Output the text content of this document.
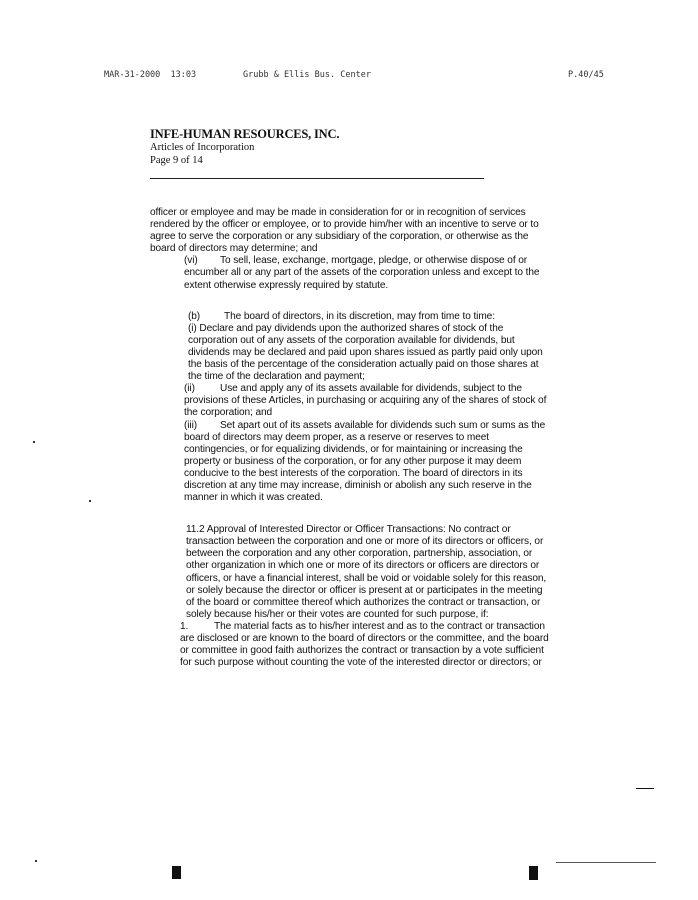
MAR-31-2000  13:03	Grubb & Ellis Bus. Center	P.40/45
INFE-HUMAN RESOURCES, INC.
Articles of Incorporation
Page 9 of 14

officer or employee and may be made in consideration for or in recognition of services rendered by the officer or employee, or to provide him/her with an incentive to serve or to agree to serve the corporation or any subsidiary of the corporation, or otherwise as the board of directors may determine; and

(vi) To sell, lease, exchange, mortgage, pledge, or otherwise dispose of or encumber all or any part of the assets of the corporation unless and except to the extent otherwise expressly required by statute.

(b) The board of directors, in its discretion, may from time to time:

(i) Declare and pay dividends upon the authorized shares of stock of the corporation out of any assets of the corporation available for dividends, but dividends may be declared and paid upon shares issued as partly paid only upon the basis of the percentage of the consideration actually paid on those shares at the time of the declaration and payment;

(ii) Use and apply any of its assets available for dividends, subject to the provisions of these Articles, in purchasing or acquiring any of the shares of stock of the corporation; and

(iii) Set apart out of its assets available for dividends such sum or sums as the board of directors may deem proper, as a reserve or reserves to meet contingencies, or for equalizing dividends, or for maintaining or increasing the property or business of the corporation, or for any other purpose it may deem conducive to the best interests of the corporation. The board of directors in its discretion at any time may increase, diminish or abolish any such reserve in the manner in which it was created.

11.2 Approval of Interested Director or Officer Transactions: No contract or transaction between the corporation and one or more of its directors or officers, or between the corporation and any other corporation, partnership, association, or other organization in which one or more of its directors or officers are directors or officers, or have a financial interest, shall be void or voidable solely for this reason, or solely because the director or officer is present at or participates in the meeting of the board or committee thereof which authorizes the contract or transaction, or solely because his/her or their votes are counted for such purpose, if:

1.	The material facts as to his/her interest and as to the contract or transaction are disclosed or are known to the board of directors or the committee, and the board or committee in good faith authorizes the contract or transaction by a vote sufficient for such purpose without counting the vote of the interested director or directors; or
